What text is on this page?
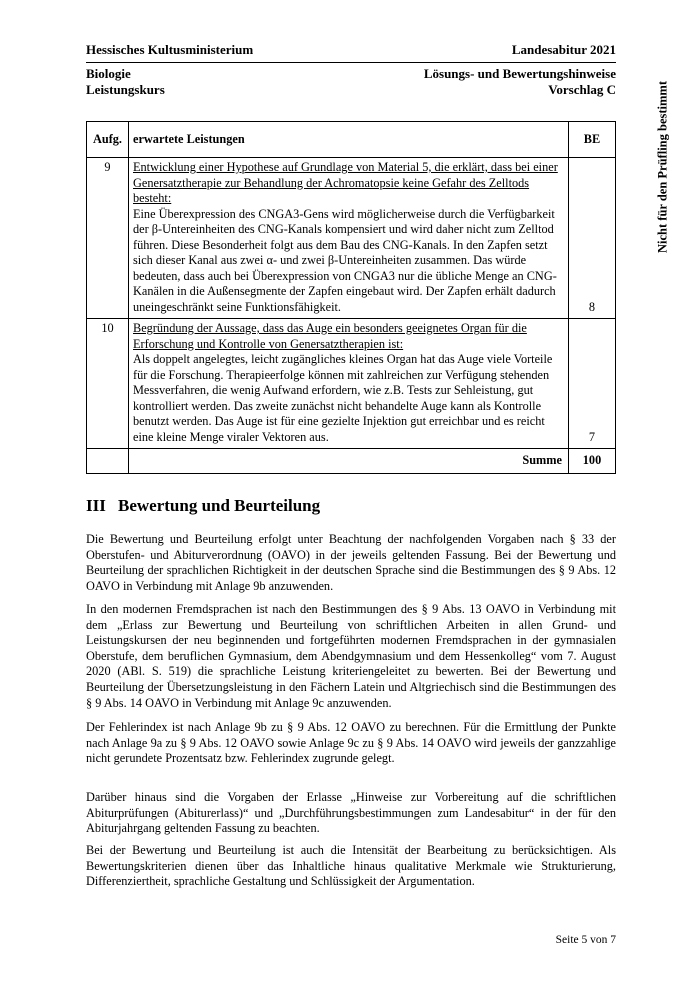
Nicht für den Prüfling bestimmt
Hessisches Kultusministerium	Landesabitur 2021
Biologie	Lösungs- und Bewertungshinweise
Leistungskurs	Vorschlag C
Aufg.	erwartete Leistungen	BE
9	Entwicklung einer Hypothese auf Grundlage von Material 5, die erklärt, dass bei einer Genersatztherapie zur Behandlung der Achromatopsie keine Gefahr des Zelltods besteht:
Eine Überexpression des CNGA3-Gens wird möglicherweise durch die Verfügbarkeit der β-Untereinheiten des CNG-Kanals kompensiert und wird daher nicht zum Zelltod führen. Diese Besonderheit folgt aus dem Bau des CNG-Kanals. In den Zapfen setzt sich dieser Kanal aus zwei α- und zwei β-Untereinheiten zusammen. Das würde bedeuten, dass auch bei Überexpression von CNGA3 nur die übliche Menge an CNG-Kanälen in die Außensegmente der Zapfen eingebaut wird. Der Zapfen erhält dadurch uneingeschränkt seine Funktionsfähigkeit.	8
10	Begründung der Aussage, dass das Auge ein besonders geeignetes Organ für die Erforschung und Kontrolle von Genersatztherapien ist:
Als doppelt angelegtes, leicht zugängliches kleines Organ hat das Auge viele Vorteile für die Forschung. Therapieerfolge können mit zahlreichen zur Verfügung stehenden Messverfahren, die wenig Aufwand erfordern, wie z.B. Tests zur Sehleistung, gut kontrolliert werden. Das zweite zunächst nicht behandelte Auge kann als Kontrolle benutzt werden. Das Auge ist für eine gezielte Injektion gut erreichbar und es reicht eine kleine Menge viraler Vektoren aus.	7
	Summe	100
III Bewertung und Beurteilung

Die Bewertung und Beurteilung erfolgt unter Beachtung der nachfolgenden Vorgaben nach § 33 der Oberstufen- und Abiturverordnung (OAVO) in der jeweils geltenden Fassung. Bei der Bewertung und Beurteilung der sprachlichen Richtigkeit in der deutschen Sprache sind die Bestimmungen des § 9 Abs. 12 OAVO in Verbindung mit Anlage 9b anzuwenden.

In den modernen Fremdsprachen ist nach den Bestimmungen des § 9 Abs. 13 OAVO in Verbindung mit dem „Erlass zur Bewertung und Beurteilung von schriftlichen Arbeiten in allen Grund- und Leistungskursen der neu beginnenden und fortgeführten modernen Fremdsprachen in der gymnasialen Oberstufe, dem beruflichen Gymnasium, dem Abendgymnasium und dem Hessenkolleg“ vom 7. August 2020 (ABl. S. 519) die sprachliche Leistung kriteriengeleitet zu bewerten. Bei der Bewertung und Beurteilung der Übersetzungsleistung in den Fächern Latein und Altgriechisch sind die Bestimmungen des § 9 Abs. 14 OAVO in Verbindung mit Anlage 9c anzuwenden.

Der Fehlerindex ist nach Anlage 9b zu § 9 Abs. 12 OAVO zu berechnen. Für die Ermittlung der Punkte nach Anlage 9a zu § 9 Abs. 12 OAVO sowie Anlage 9c zu § 9 Abs. 14 OAVO wird jeweils der ganzzahlige nicht gerundete Prozentsatz bzw. Fehlerindex zugrunde gelegt.

Darüber hinaus sind die Vorgaben der Erlasse „Hinweise zur Vorbereitung auf die schriftlichen Abiturprüfungen (Abiturerlass)“ und „Durchführungsbestimmungen zum Landesabitur“ in der für den Abiturjahrgang geltenden Fassung zu beachten.

Bei der Bewertung und Beurteilung ist auch die Intensität der Bearbeitung zu berücksichtigen. Als Bewertungskriterien dienen über das Inhaltliche hinaus qualitative Merkmale wie Strukturierung, Differenziertheit, sprachliche Gestaltung und Schlüssigkeit der Argumentation.

Seite 5 von 7
